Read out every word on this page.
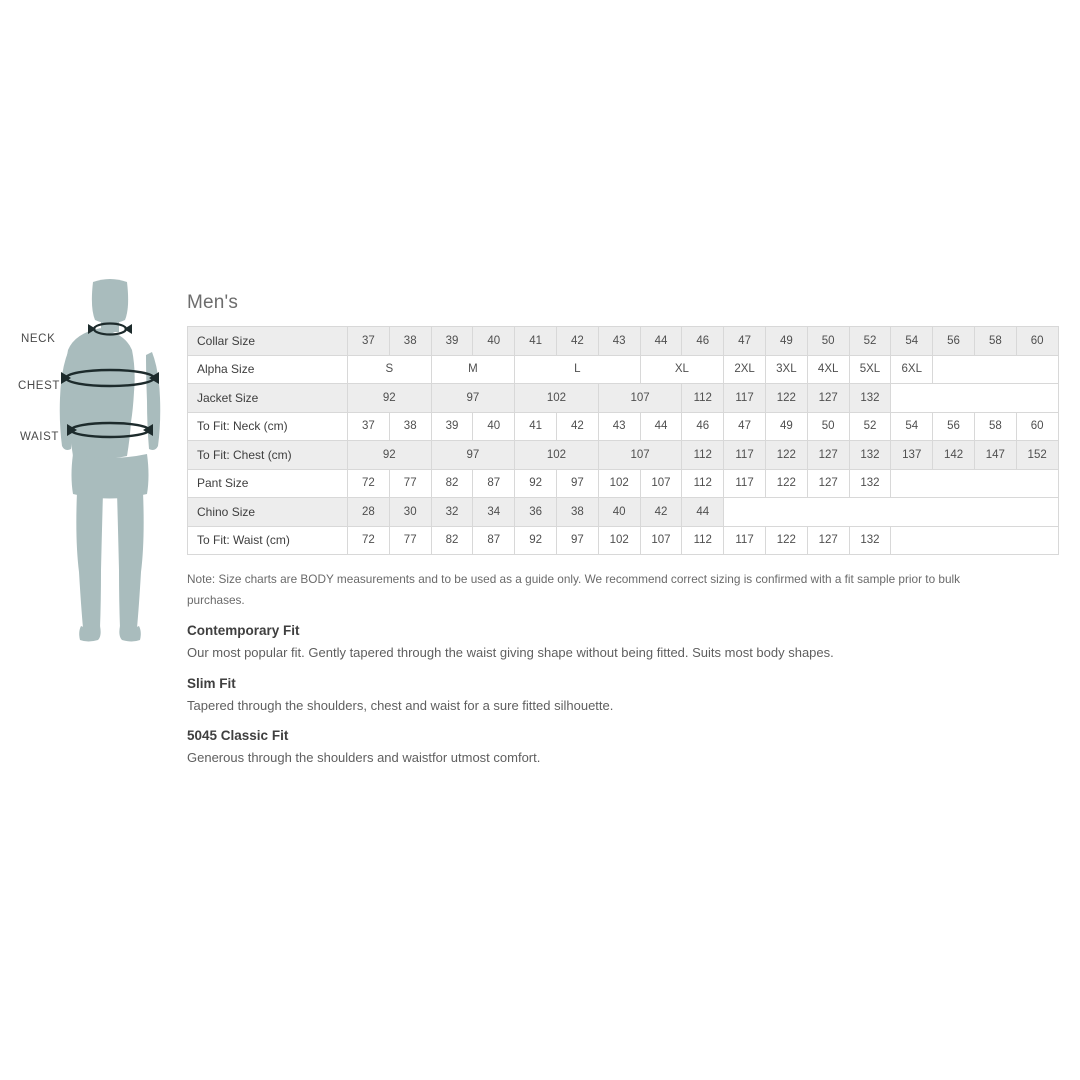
NECK
CHEST
WAIST
Men's
Collar Size	37	38	39	40	41	42	43	44	46	47	49	50	52	54	56	58	60
Alpha Size	S		M		L			XL		2XL	3XL	4XL	5XL	6XL			
Jacket Size	92		97		102		107		112	117	122	127	132				
To Fit: Neck (cm)	37	38	39	40	41	42	43	44	46	47	49	50	52	54	56	58	60
To Fit: Chest (cm)	92		97		102		107		112	117	122	127	132	137	142	147	152
Pant Size	72	77	82	87	92	97	102	107	112	117	122	127	132				
Chino Size	28	30	32	34	36	38	40	42	44								
To Fit: Waist (cm)	72	77	82	87	92	97	102	107	112	117	122	127	132				
Note: Size charts are BODY measurements and to be used as a guide only. We recommend correct sizing is confirmed with a fit sample prior to bulk purchases.
Contemporary Fit
Our most popular fit. Gently tapered through the waist giving shape without being fitted. Suits most body shapes.
Slim Fit
Tapered through the shoulders, chest and waist for a sure fitted silhouette.
5045 Classic Fit
Generous through the shoulders and waistfor utmost comfort.
